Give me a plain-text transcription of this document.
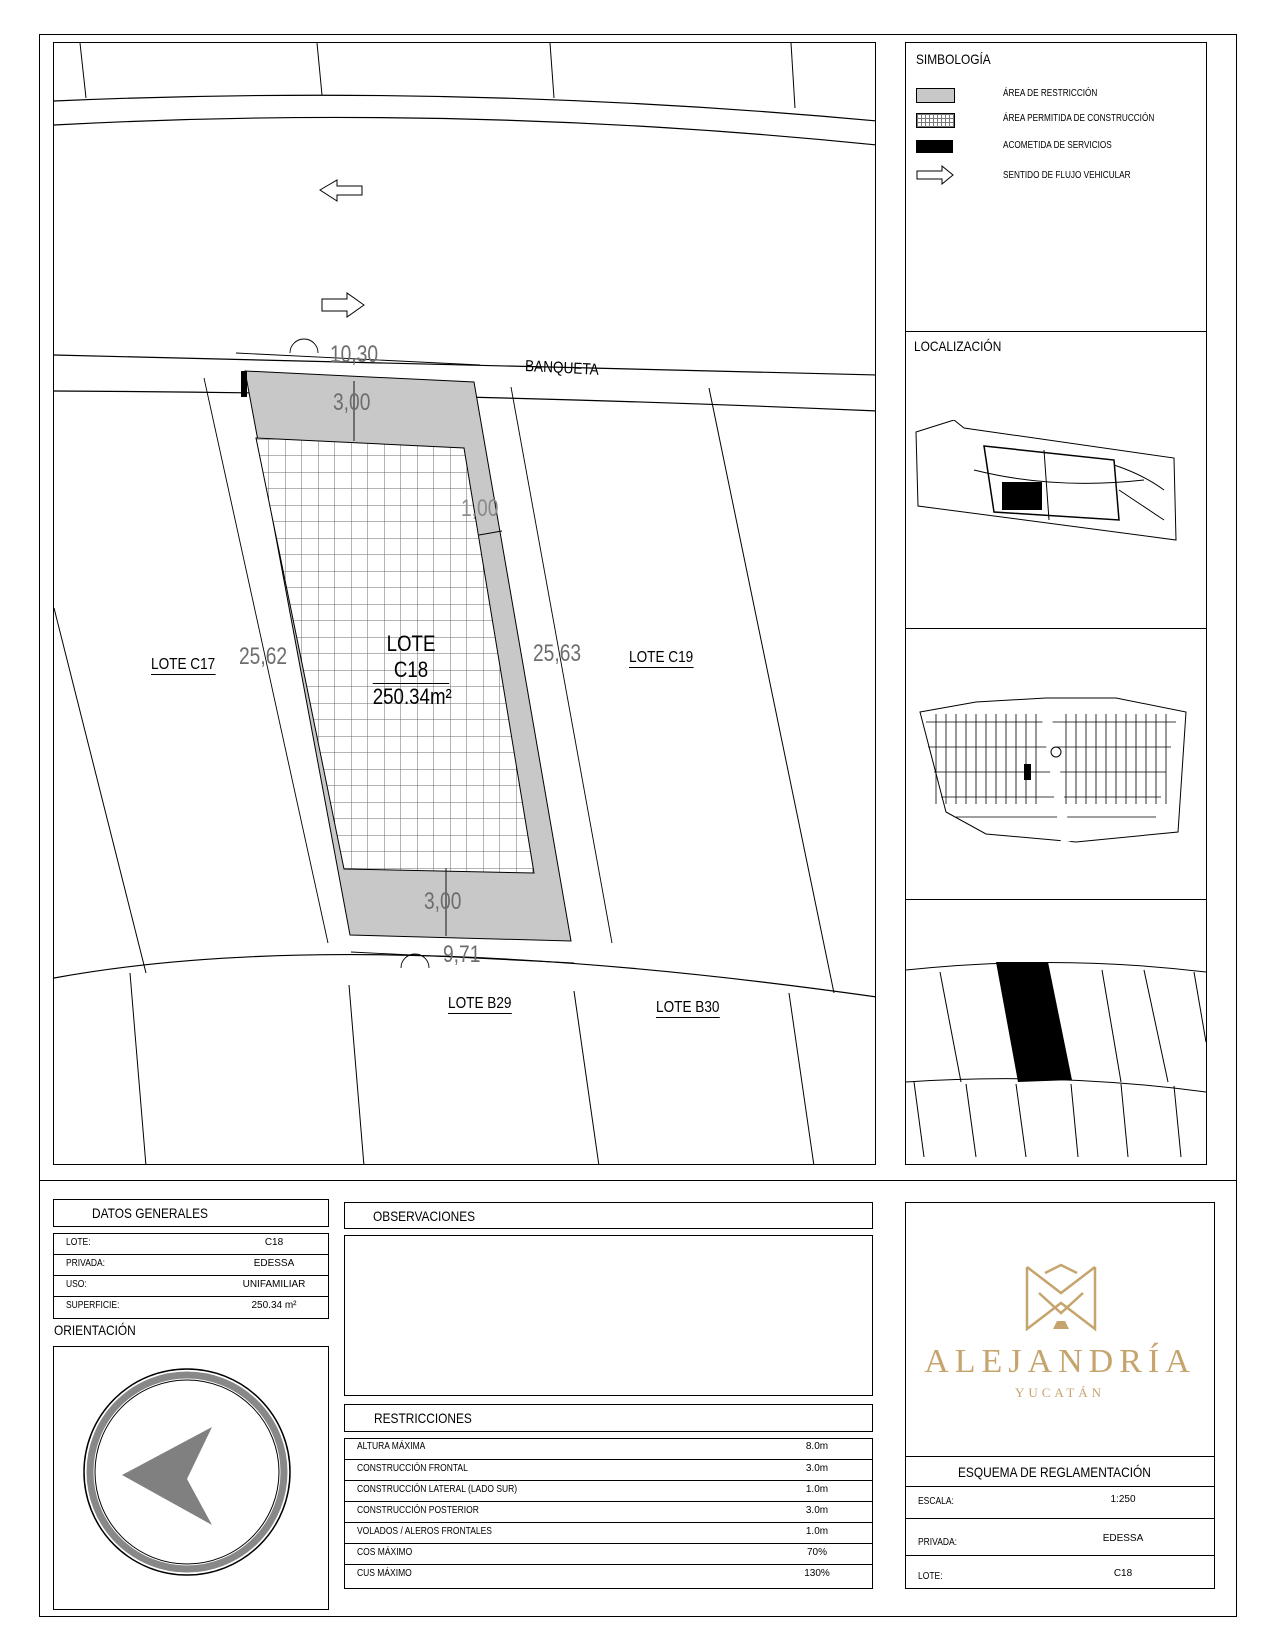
10,30
3,00
1,00
25,62	25,63
3,00
9,71
BANQUETA
LOTE C18
250.34m²
LOTE C17	LOTE C19
LOTE B29	LOTE B30
SIMBOLOGÍA
ÁREA DE RESTRICCIÓN
ÁREA PERMITIDA DE CONSTRUCCIÓN
ACOMETIDA DE SERVICIOS
SENTIDO DE FLUJO VEHICULAR
LOCALIZACIÓN
DATOS GENERALES
LOTE:	C18
PRIVADA:	EDESSA
USO:	UNIFAMILIAR
SUPERFICIE:	250.34 m²
ORIENTACIÓN
OBSERVACIONES
RESTRICCIONES
ALTURA MÁXIMA	8.0m
CONSTRUCCIÓN FRONTAL	3.0m
CONSTRUCCIÓN LATERAL (LADO SUR)	1.0m
CONSTRUCCIÓN POSTERIOR	3.0m
VOLADOS / ALEROS FRONTALES	1.0m
COS MÁXIMO	70%
CUS MÁXIMO	130%
ALEJANDRÍA
YUCATÁN
ESQUEMA DE REGLAMENTACIÓN
ESCALA:	1:250
PRIVADA:	EDESSA
LOTE:	C18
